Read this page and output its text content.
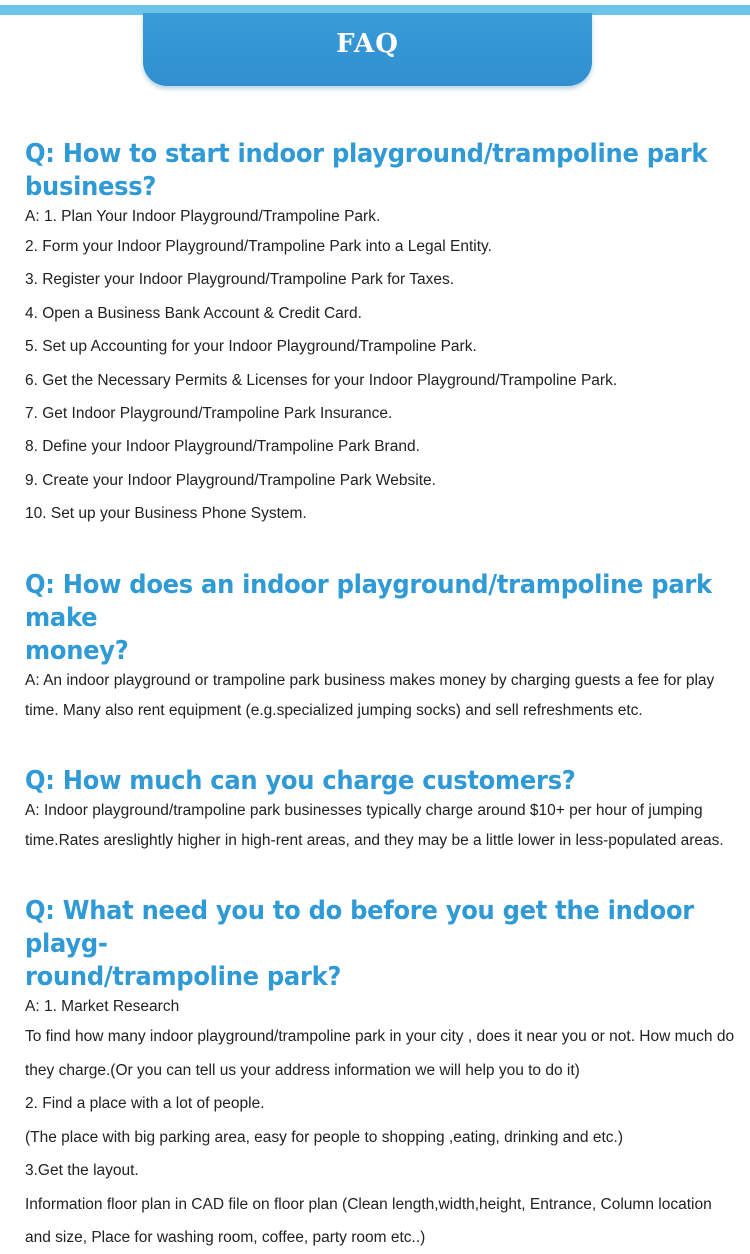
FAQ
Q: How to start indoor playground/trampoline park
business?

A: 1. Plan Your Indoor Playground/Trampoline Park.

2. Form your Indoor Playground/Trampoline Park into a Legal Entity.

3. Register your Indoor Playground/Trampoline Park for Taxes.

4. Open a Business Bank Account & Credit Card.

5. Set up Accounting for your Indoor Playground/Trampoline Park.

6. Get the Necessary Permits & Licenses for your Indoor Playground/Trampoline Park.

7. Get Indoor Playground/Trampoline Park Insurance.

8. Define your Indoor Playground/Trampoline Park Brand.

9. Create your Indoor Playground/Trampoline Park Website.

10. Set up your Business Phone System.

Q: How does an indoor playground/trampoline park make
money?

A: An indoor playground or trampoline park business makes money by charging guests a fee for play

time. Many also rent equipment (e.g.specialized jumping socks) and sell refreshments etc.

Q: How much can you charge customers?

A: Indoor playground/trampoline park businesses typically charge around $10+ per hour of jumping

time.Rates areslightly higher in high-rent areas, and they may be a little lower in less-populated areas.

Q: What need you to do before you get the indoor playg-
round/trampoline park?

A: 1. Market Research

To find how many indoor playground/trampoline park in your city , does it near you or not. How much do

they charge.(Or you can tell us your address information we will help you to do it)

2. Find a place with a lot of people.

(The place with big parking area, easy for people to shopping ,eating, drinking and etc.)

3.Get the layout.

Information floor plan in CAD file on floor plan (Clean length,width,height, Entrance, Column location

and size, Place for washing room, coffee, party room etc..)
